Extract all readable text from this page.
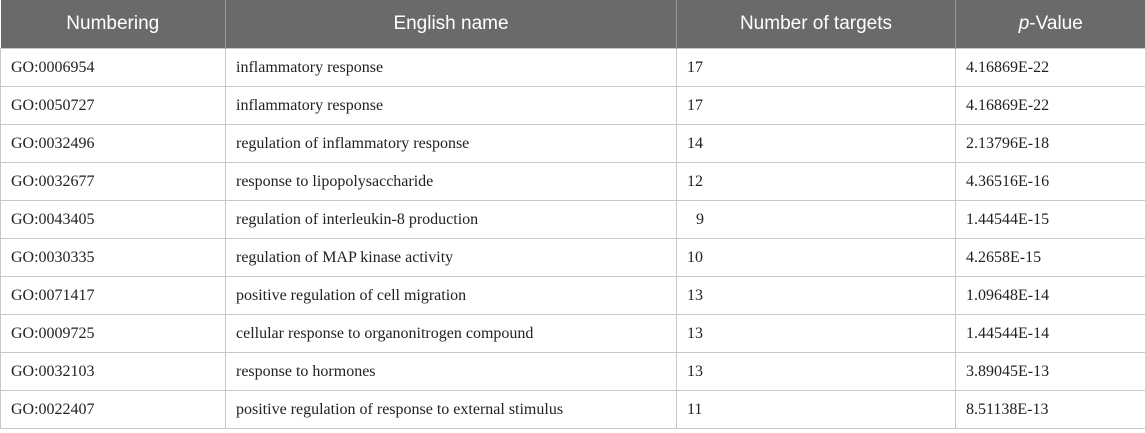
Numbering	English name	Number of targets	p-Value
GO:0006954	inflammatory response	17	4.16869E-22
GO:0050727	inflammatory response	17	4.16869E-22
GO:0032496	regulation of inflammatory response	14	2.13796E-18
GO:0032677	response to lipopolysaccharide	12	4.36516E-16
GO:0043405	regulation of interleukin-8 production	9	1.44544E-15
GO:0030335	regulation of MAP kinase activity	10	4.2658E-15
GO:0071417	positive regulation of cell migration	13	1.09648E-14
GO:0009725	cellular response to organonitrogen compound	13	1.44544E-14
GO:0032103	response to hormones	13	3.89045E-13
GO:0022407	positive regulation of response to external stimulus	11	8.51138E-13
